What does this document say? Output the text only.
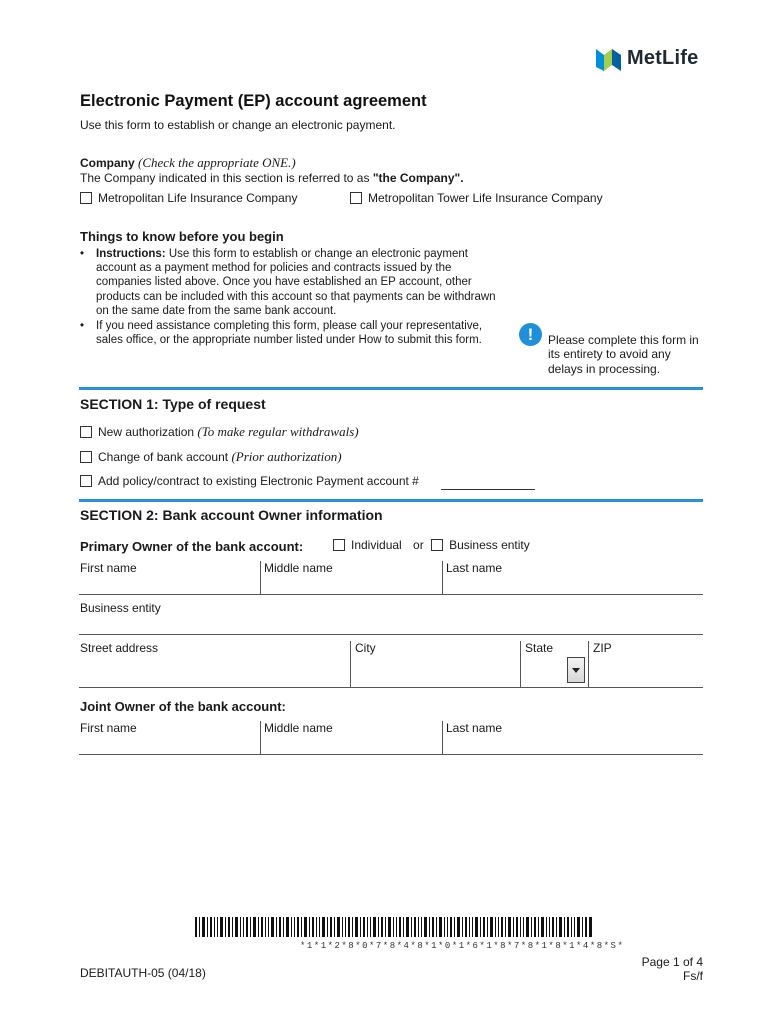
MetLife
Electronic Payment (EP) account agreement
Use this form to establish or change an electronic payment.
Company (Check the appropriate ONE.)
The Company indicated in this section is referred to as "the Company".
Metropolitan Life Insurance Company	Metropolitan Tower Life Insurance Company
Things to know before you begin
• Instructions: Use this form to establish or change an electronic payment account as a payment method for policies and contracts issued by the companies listed above. Once you have established an EP account, other products can be included with this account so that payments can be withdrawn on the same date from the same bank account.
• If you need assistance completing this form, please call your representative, sales office, or the appropriate number listed under How to submit this form.	!	Please complete this form in its entirety to avoid any delays in processing.
SECTION 1: Type of request
New authorization (To make regular withdrawals)
Change of bank account (Prior authorization)
Add policy/contract to existing Electronic Payment account #
SECTION 2: Bank account Owner information
Primary Owner of the bank account:	Individual or Business entity
First name	Middle name	Last name
Business entity
Street address	City	State	ZIP
Joint Owner of the bank account:
First name	Middle name	Last name
*1*1*2*8*0*7*8*4*8*1*0*1*6*1*8*7*8*1*8*1*4*8*S*
DEBITAUTH-05 (04/18)
Page 1 of 4
Fs/f
